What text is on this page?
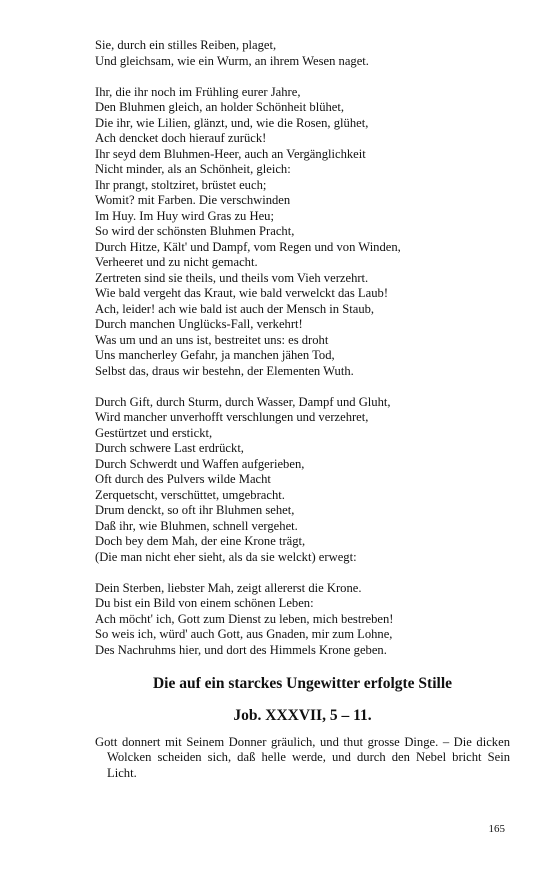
Sie, durch ein stilles Reiben, plaget,
Und gleichsam, wie ein Wurm, an ihrem Wesen naget.
Ihr, die ihr noch im Frühling eurer Jahre,
Den Bluhmen gleich, an holder Schönheit blühet,
Die ihr, wie Lilien, glänzt, und, wie die Rosen, glühet,
Ach dencket doch hierauf zurück!
Ihr seyd dem Bluhmen-Heer, auch an Vergänglichkeit
Nicht minder, als an Schönheit, gleich:
Ihr prangt, stoltziret, brüstet euch;
Womit? mit Farben. Die verschwinden
Im Huy. Im Huy wird Gras zu Heu;
So wird der schönsten Bluhmen Pracht,
Durch Hitze, Kält' und Dampf, vom Regen und von Winden,
Verheeret und zu nicht gemacht.
Zertreten sind sie theils, und theils vom Vieh verzehrt.
Wie bald vergeht das Kraut, wie bald verwelckt das Laub!
Ach, leider! ach wie bald ist auch der Mensch in Staub,
Durch manchen Unglücks-Fall, verkehrt!
Was um und an uns ist, bestreitet uns: es droht
Uns mancherley Gefahr, ja manchen jähen Tod,
Selbst das, draus wir bestehn, der Elementen Wuth.
Durch Gift, durch Sturm, durch Wasser, Dampf und Gluht,
Wird mancher unverhofft verschlungen und verzehret,
Gestürtzet und erstickt,
Durch schwere Last erdrückt,
Durch Schwerdt und Waffen aufgerieben,
Oft durch des Pulvers wilde Macht
Zerquetscht, verschüttet, umgebracht.
Drum denckt, so oft ihr Bluhmen sehet,
Daß ihr, wie Bluhmen, schnell vergehet.
Doch bey dem Mah, der eine Krone trägt,
(Die man nicht eher sieht, als da sie welckt) erwegt:
Dein Sterben, liebster Mah, zeigt allererst die Krone.
Du bist ein Bild von einem schönen Leben:
Ach möcht' ich, Gott zum Dienst zu leben, mich bestreben!
So weis ich, würd' auch Gott, aus Gnaden, mir zum Lohne,
Des Nachruhms hier, und dort des Himmels Krone geben.
Die auf ein starckes Ungewitter erfolgte Stille
Job. XXXVII, 5 – 11.

Gott donnert mit Seinem Donner gräulich, und thut grosse Dinge. – Die dicken Wolcken scheiden sich, daß helle werde, und durch den Nebel bricht Sein Licht.

165
